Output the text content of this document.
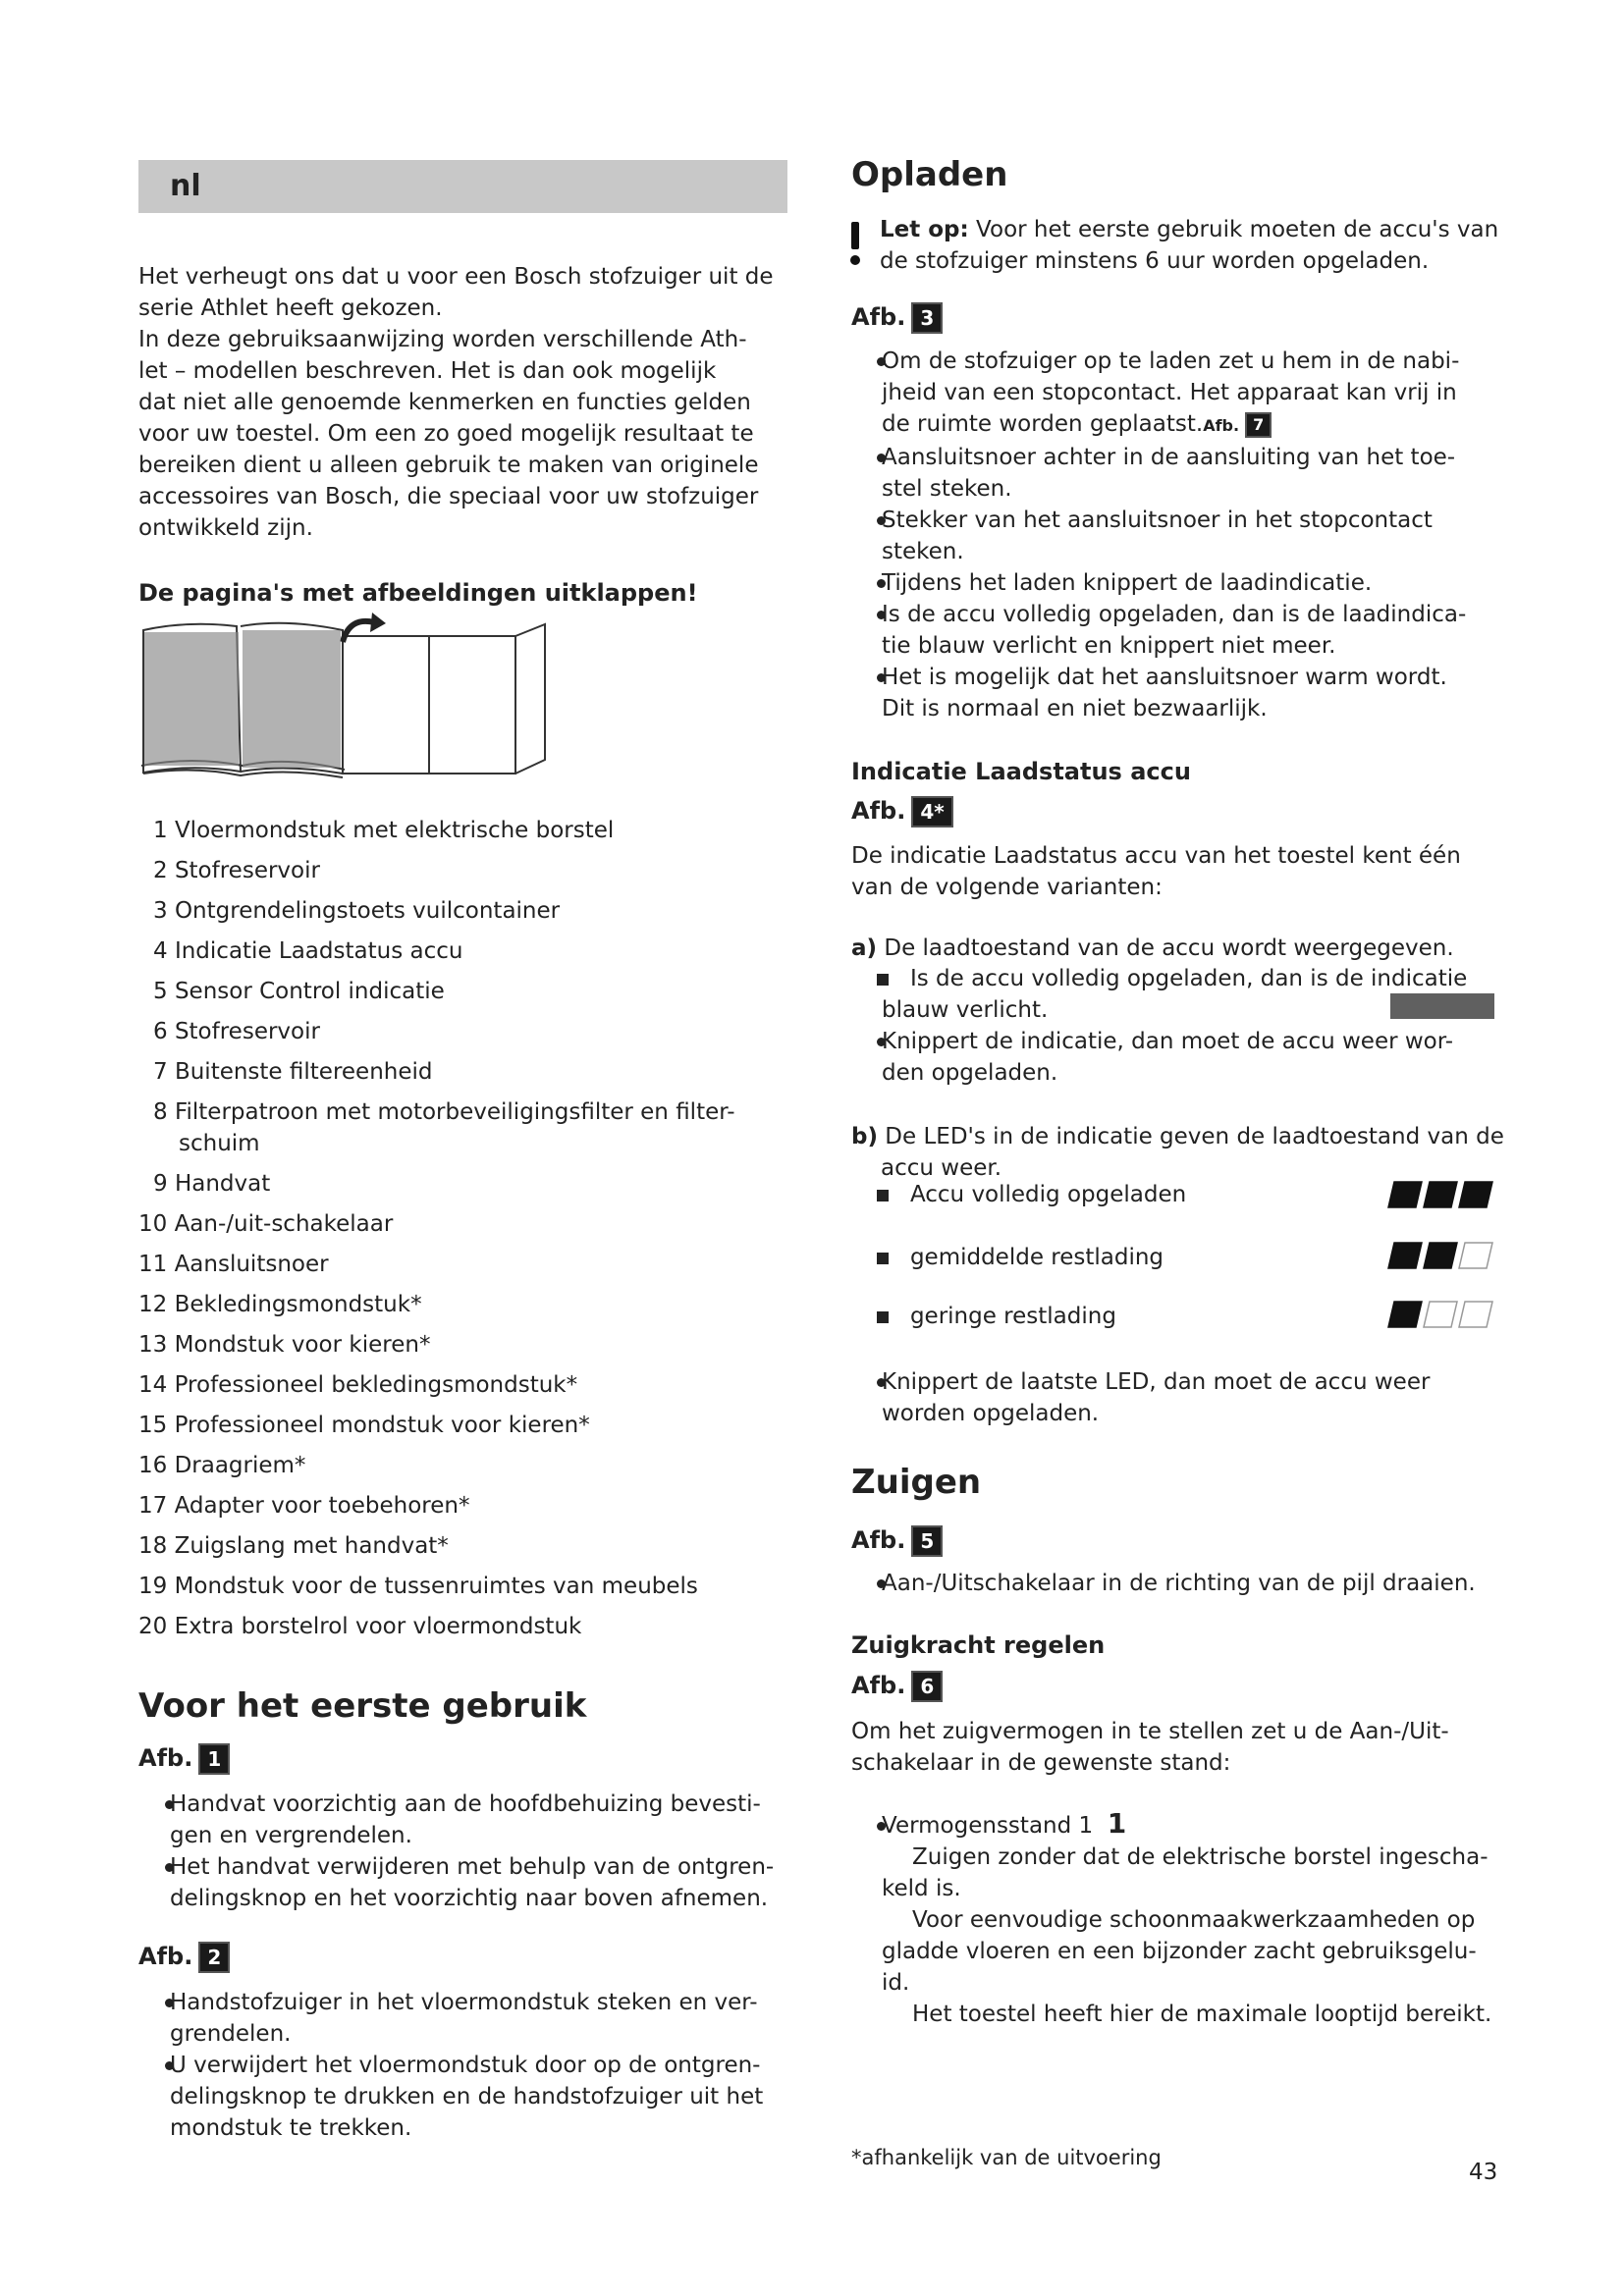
nl
Het verheugt ons dat u voor een Bosch stofzuiger uit de
serie Athlet heeft gekozen.
In deze gebruiksaanwijzing worden verschillende Ath-
let – modellen beschreven. Het is dan ook mogelijk
dat niet alle genoemde kenmerken en functies gelden
voor uw toestel. Om een zo goed mogelijk resultaat te
bereiken dient u alleen gebruik te maken van originele
accessoires van Bosch, die speciaal voor uw stofzuiger
ontwikkeld zijn.
De pagina's met afbeeldingen uitklappen!
1 Vloermondstuk met elektrische borstel
2 Stofreservoir
3 Ontgrendelingstoets vuilcontainer
4 Indicatie Laadstatus accu
5 Sensor Control indicatie
6 Stofreservoir
7 Buitenste filtereenheid
8 Filterpatroon met motorbeveiligingsfilter en filter-
schuim
9 Handvat
10 Aan-/uit-schakelaar
11 Aansluitsnoer
12 Bekledingsmondstuk*
13 Mondstuk voor kieren*
14 Professioneel bekledingsmondstuk*
15 Professioneel mondstuk voor kieren*
16 Draagriem*
17 Adapter voor toebehoren*
18 Zuigslang met handvat*
19 Mondstuk voor de tussenruimtes van meubels
20 Extra borstelrol voor vloermondstuk
Voor het eerste gebruik
Afb. 1
Handvat voorzichtig aan de hoofdbehuizing bevesti-
gen en vergrendelen.
Het handvat verwijderen met behulp van de ontgren-
delingsknop en het voorzichtig naar boven afnemen.
Afb. 2
Handstofzuiger in het vloermondstuk steken en ver-
grendelen.
U verwijdert het vloermondstuk door op de ontgren-
delingsknop te drukken en de handstofzuiger uit het
mondstuk te trekken.
Opladen
Let op: Voor het eerste gebruik moeten de accu's van
de stofzuiger minstens 6 uur worden opgeladen.
Afb. 3
Om de stofzuiger op te laden zet u hem in de nabi-
jheid van een stopcontact. Het apparaat kan vrij in
de ruimte worden geplaatst.Afb. 7
Aansluitsnoer achter in de aansluiting van het toe-
stel steken.
Stekker van het aansluitsnoer in het stopcontact
steken.
Tijdens het laden knippert de laadindicatie.
Is de accu volledig opgeladen, dan is de laadindica-
tie blauw verlicht en knippert niet meer.
Het is mogelijk dat het aansluitsnoer warm wordt.
Dit is normaal en niet bezwaarlijk.
Indicatie Laadstatus accu
Afb. 4*
De indicatie Laadstatus accu van het toestel kent één
van de volgende varianten:
a) De laadtoestand van de accu wordt weergegeven.
Is de accu volledig opgeladen, dan is de indicatie
blauw verlicht.
Knippert de indicatie, dan moet de accu weer wor-
den opgeladen.
b) De LED's in de indicatie geven de laadtoestand van de
accu weer.
Accu volledig opgeladen
gemiddelde restlading
geringe restlading
Knippert de laatste LED, dan moet de accu weer
worden opgeladen.
Zuigen
Afb. 5
Aan-/Uitschakelaar in de richting van de pijl draaien.
Zuigkracht regelen
Afb. 6
Om het zuigvermogen in te stellen zet u de Aan-/Uit-
schakelaar in de gewenste stand:
Vermogensstand 1 1
Zuigen zonder dat de elektrische borstel ingescha-
keld is.
Voor eenvoudige schoonmaakwerkzaamheden op
gladde vloeren en een bijzonder zacht gebruiksgelu-
id.
Het toestel heeft hier de maximale looptijd bereikt.
*afhankelijk van de uitvoering
43
